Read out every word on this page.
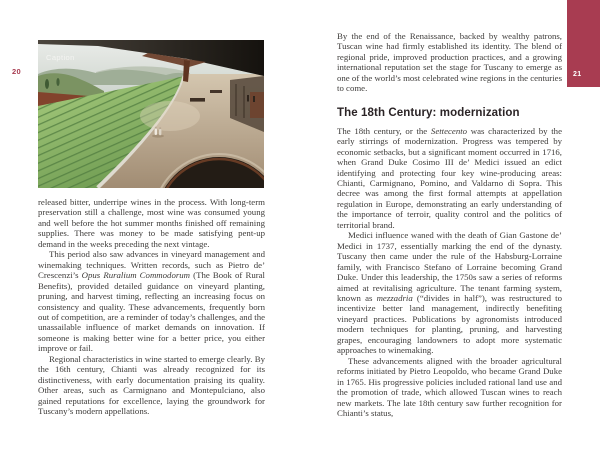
20
Caption

released bitter, underripe wines in the process. With long-term preservation still a challenge, most wine was consumed young and well before the hot summer months finished off remaining supplies. There was money to be made satisfying pent-up demand in the weeks preceding the next vintage.

This period also saw advances in vineyard management and winemaking techniques. Written records, such as Pietro de’ Crescenzi’s Opus Ruralium Commodorum (The Book of Rural Benefits), provided detailed guidance on vineyard planting, pruning, and harvest timing, reflecting an increasing focus on consistency and quality. These advancements, frequently born out of competition, are a reminder of today’s challenges, and the unassailable influence of market demands on innovation. If someone is making better wine for a better price, you either improve or fail.

Regional characteristics in wine started to emerge clearly. By the 16th century, Chianti was already recognized for its distinctiveness, with early documentation praising its quality. Other areas, such as Carmignano and Montepulciano, also gained reputations for excellence, laying the groundwork for Tuscany’s modern appellations.

By the end of the Renaissance, backed by wealthy patrons, Tuscan wine had firmly established its identity. The blend of regional pride, improved production practices, and a growing international reputation set the stage for Tuscany to emerge as one of the world’s most celebrated wine regions in the centuries to come.

The 18th Century: modernization

The 18th century, or the Settecento was characterized by the early stirrings of modernization. Progress was tempered by economic setbacks, but a significant moment occurred in 1716, when Grand Duke Cosimo III de’ Medici issued an edict identifying and protecting four key wine-producing areas: Chianti, Carmignano, Pomino, and Valdarno di Sopra. This decree was among the first formal attempts at appellation regulation in Europe, demonstrating an early understanding of the importance of terroir, quality control and the politics of territorial brand.

Medici influence waned with the death of Gian Gastone de’ Medici in 1737, essentially marking the end of the dynasty. Tuscany then came under the rule of the Habsburg-Lorraine family, with Francisco Stefano of Lorraine becoming Grand Duke. Under this leadership, the 1750s saw a series of reforms aimed at revitalising agriculture. The tenant farming system, known as mezzadria (“divides in half”), was restructured to incentivize better land management, indirectly benefiting vineyard practices. Publications by agronomists introduced modern techniques for planting, pruning, and harvesting grapes, encouraging landowners to adopt more systematic approaches to winemaking.

These advancements aligned with the broader agricultural reforms initiated by Pietro Leopoldo, who became Grand Duke in 1765. His progressive policies included rational land use and the promotion of trade, which allowed Tuscan wines to reach new markets. The late 18th century saw further recognition for Chianti’s status,

21
